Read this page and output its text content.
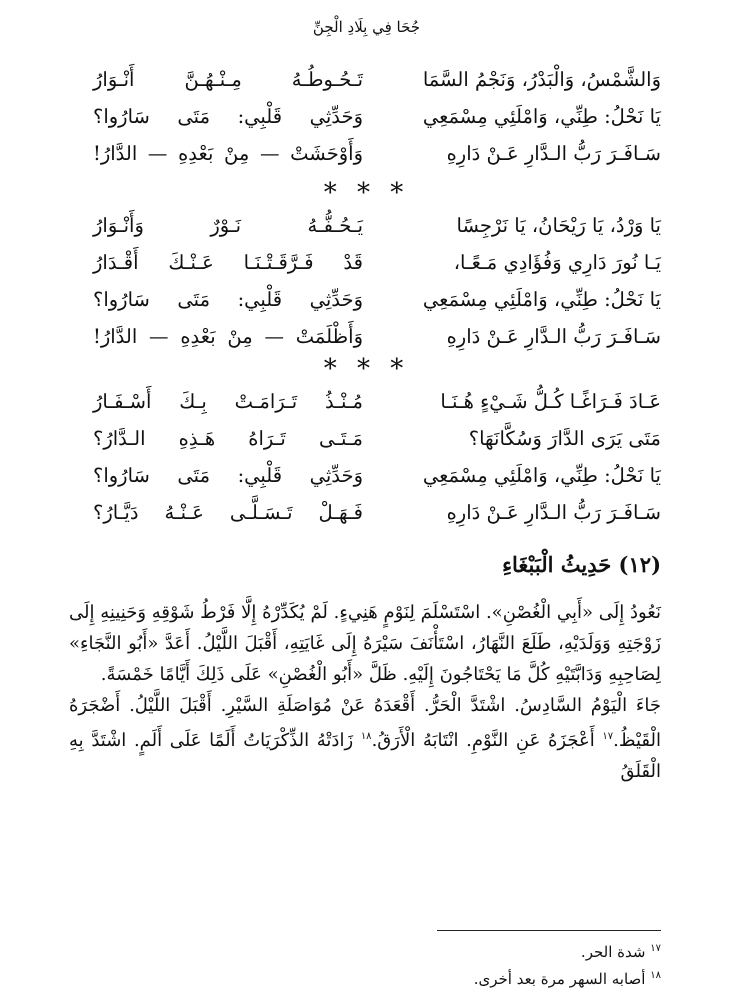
جُحَا فِي بِلَادِ الْجِنِّ
وَالشَّمْسُ، وَالْبَدْرُ، وَنَجْمُ السَّمَا
تَـحُـوطُـهُ مِـنْـهُـنَّ أَنْـوَارُ
يَا نَحْلُ: طِنِّي، وَامْلَئِي مِسْمَعِي
وَحَدِّثِي قَلْبِي: مَتَى سَارُوا؟
سَـافَـرَ رَبُّ الـدَّارِ عَـنْ دَارِهِ
وَأَوْحَشَتْ — مِنْ بَعْدِهِ — الدَّارُ!
* * *
يَا وَرْدُ، يَا رَيْحَانُ، يَا نَرْجِسًا
يَـحُـفُّـهُ نَـوْرٌ وَأَنْـوَارُ
يَـا نُورَ دَارِي وَفُؤَادِي مَـعًـا،
قَدْ فَـرَّقَـتْـنَـا عَـنْـكَ أَقْـدَارُ
يَا نَحْلُ: طِنِّي، وَامْلَئِي مِسْمَعِي
وَحَدِّثِي قَلْبِي: مَتَى سَارُوا؟
سَـافَـرَ رَبُّ الـدَّارِ عَـنْ دَارِهِ
وَأَظْلَمَتْ — مِنْ بَعْدِهِ — الدَّارُ!
* * *
عَـادَ فَـرَاغًـا كُـلُّ شَـيْءٍ هُـنَـا
مُـنْـذُ تَـرَامَـتْ بِـكَ أَسْـفَـارُ
مَتَى يَرَى الدَّارَ وَسُكَّانَهَا؟
مَـتَـى تَـرَاهُ هَـذِهِ الـدَّارُ؟
يَا نَحْلُ: طِنِّي، وَامْلَئِي مِسْمَعِي
وَحَدِّثِي قَلْبِي: مَتَى سَارُوا؟
سَـافَـرَ رَبُّ الـدَّارِ عَـنْ دَارِهِ
فَـهَـلْ تَـسَـلَّـى عَـنْـهُ دَيَّـارُ؟
(١٢) حَدِيثُ الْبَبْغَاءِ

نَعُودُ إِلَى «أَبِي الْغُصْنِ». اسْتَسْلَمَ لِنَوْمٍ هَنِيءٍ. لَمْ يُكَدِّرْهُ إِلَّا فَرْطُ شَوْقِهِ وَحَنِينِهِ إِلَى زَوْجَتِهِ وَوَلَدَيْهِ، طَلَعَ النَّهَارُ، اسْتَأْنَفَ سَيْرَهُ إِلَى غَايَتِهِ، أَقْبَلَ اللَّيْلُ. أَعَدَّ «أَبُو النَّجَاءِ» لِصَاحِبِهِ وَدَابَّتَيْهِ كُلَّ مَا يَحْتَاجُونَ إِلَيْهِ. ظَلَّ «أَبُو الْغُصْنِ» عَلَى ذَلِكَ أَيَّامًا خَمْسَةً.

جَاءَ الْيَوْمُ السَّادِسُ. اشْتَدَّ الْحَرُّ. أَقْعَدَهُ عَنْ مُوَاصَلَةِ السَّيْرِ. أَقْبَلَ اللَّيْلُ. أَضْجَرَهُ الْقَيْظُ.$^{١٧}$ أَعْجَزَهُ عَنِ النَّوْمِ. انْتَابَهُ الْأَرَقُ.$^{١٨}$ زَادَتْهُ الذِّكْرَيَاتُ أَلَمًا عَلَى أَلَمٍ. اشْتَدَّ بِهِ الْقَلَقُ

$^{١٧}$ شدة الحر.
$^{١٨}$ أصابه السهر مرة بعد أخرى.
